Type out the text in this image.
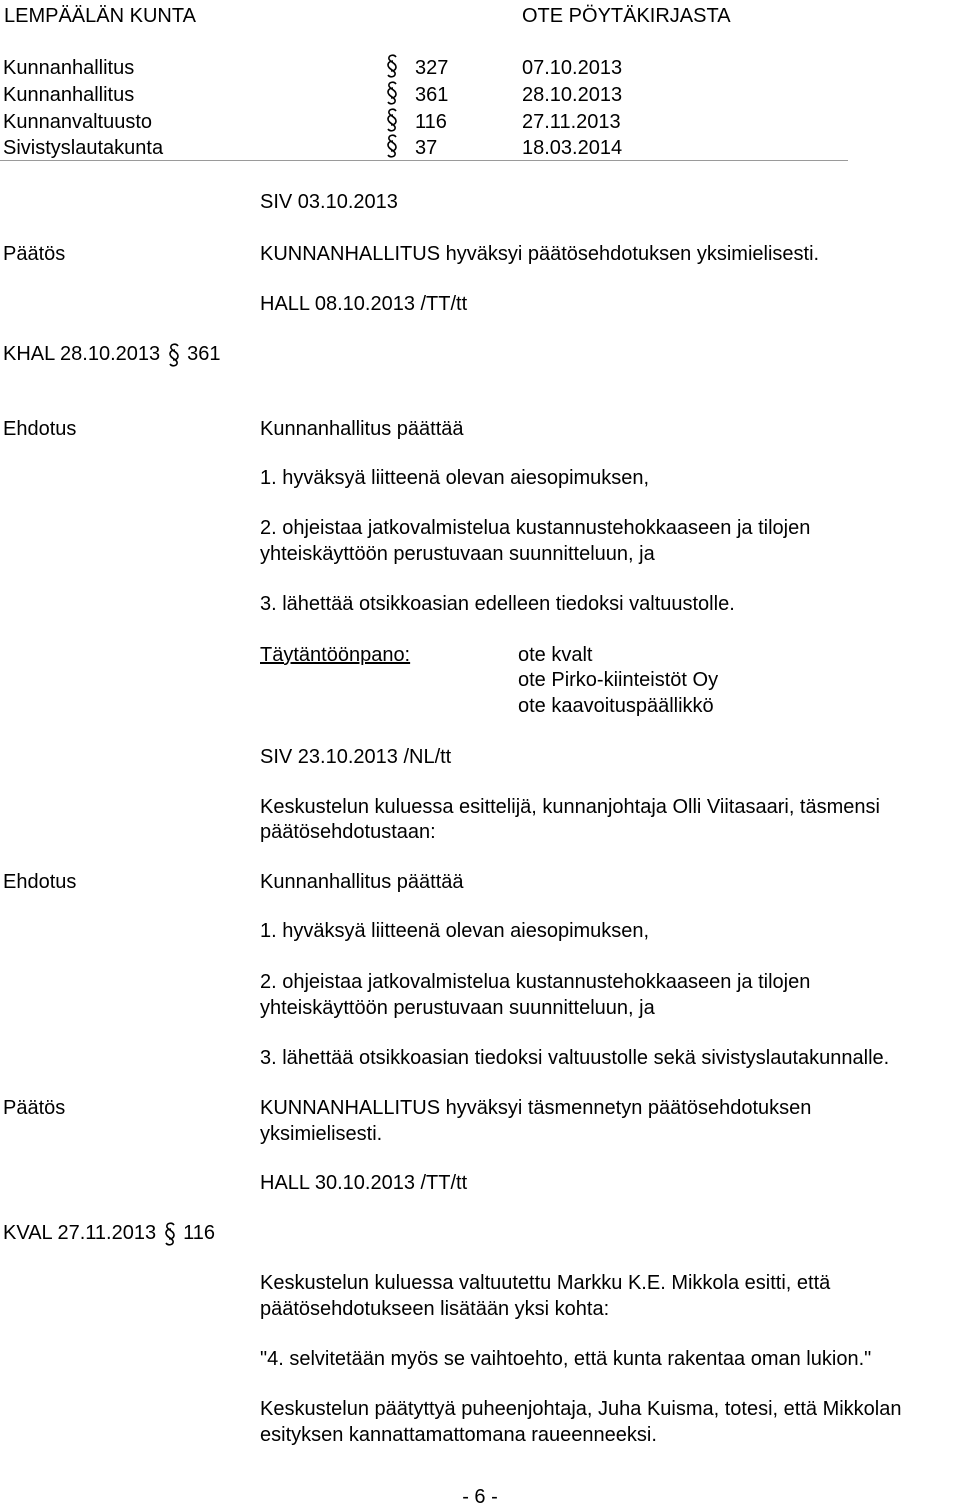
LEMPÄÄLÄN KUNTA	OTE PÖYTÄKIRJASTA
Kunnanhallitus	327	07.10.2013
Kunnanhallitus	361	28.10.2013
Kunnanvaltuusto	116	27.11.2013
Sivistyslautakunta	37	18.03.2014
SIV 03.10.2013
Päätös	KUNNANHALLITUS hyväksyi päätösehdotuksen yksimielisesti.
HALL 08.10.2013 /TT/tt
KHAL 28.10.2013 361
Ehdotus	Kunnanhallitus päättää
1. hyväksyä liitteenä olevan aiesopimuksen,
2. ohjeistaa jatkovalmistelua kustannustehokkaaseen ja tilojen
yhteiskäyttöön perustuvaan suunnitteluun, ja
3. lähettää otsikkoasian edelleen tiedoksi valtuustolle.
Täytäntöönpano:	ote kvalt
ote Pirko-kiinteistöt Oy
ote kaavoituspäällikkö
SIV 23.10.2013 /NL/tt
Keskustelun kuluessa esittelijä, kunnanjohtaja Olli Viitasaari, täsmensi
päätösehdotustaan:
Ehdotus	Kunnanhallitus päättää
1. hyväksyä liitteenä olevan aiesopimuksen,
2. ohjeistaa jatkovalmistelua kustannustehokkaaseen ja tilojen
yhteiskäyttöön perustuvaan suunnitteluun, ja
3. lähettää otsikkoasian tiedoksi valtuustolle sekä sivistyslautakunnalle.
Päätös	KUNNANHALLITUS hyväksyi täsmennetyn päätösehdotuksen
yksimielisesti.
HALL 30.10.2013 /TT/tt
KVAL 27.11.2013 116
Keskustelun kuluessa valtuutettu Markku K.E. Mikkola esitti, että
päätösehdotukseen lisätään yksi kohta:
"4. selvitetään myös se vaihtoehto, että kunta rakentaa oman lukion."
Keskustelun päätyttyä puheenjohtaja, Juha Kuisma, totesi, että Mikkolan
esityksen kannattamattomana raueenneeksi.
- 6 -
